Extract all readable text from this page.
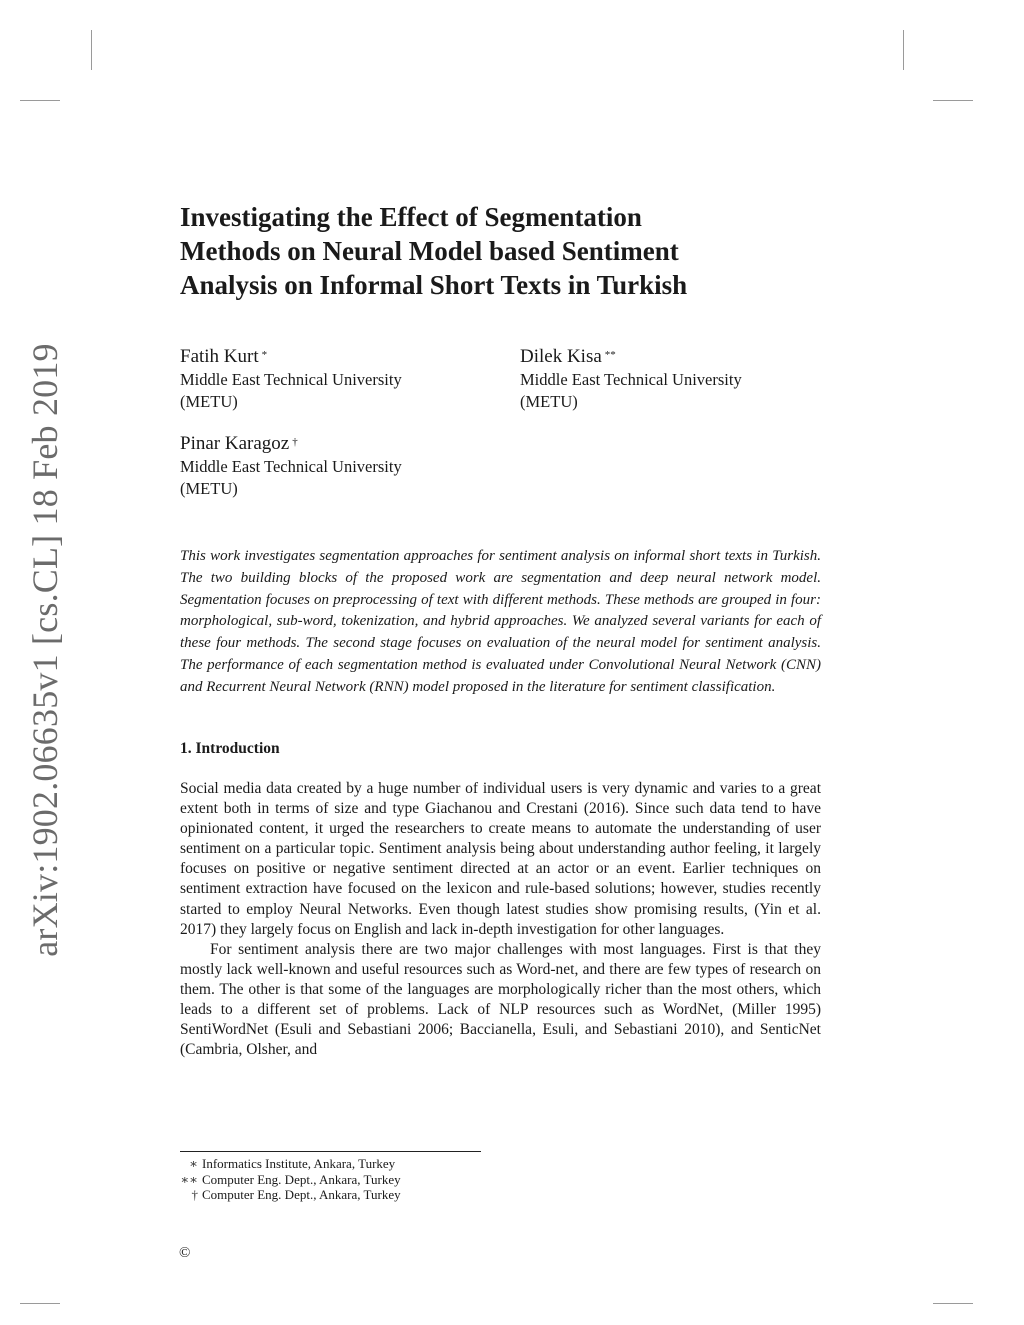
arXiv:1902.06635v1 [cs.CL] 18 Feb 2019
Investigating the Effect of Segmentation
Methods on Neural Model based Sentiment
Analysis on Informal Short Texts in Turkish
Fatih Kurt *
Middle East Technical University
(METU)
Dilek Kisa **
Middle East Technical University
(METU)
Pinar Karagoz †
Middle East Technical University
(METU)

This work investigates segmentation approaches for sentiment analysis on informal short texts in Turkish. The two building blocks of the proposed work are segmentation and deep neural network model. Segmentation focuses on preprocessing of text with different methods. These methods are grouped in four: morphological, sub-word, tokenization, and hybrid approaches. We analyzed several variants for each of these four methods. The second stage focuses on evaluation of the neural model for sentiment analysis. The performance of each segmentation method is evaluated under Convolutional Neural Network (CNN) and Recurrent Neural Network (RNN) model proposed in the literature for sentiment classification.

1. Introduction

Social media data created by a huge number of individual users is very dynamic and varies to a great extent both in terms of size and type Giachanou and Crestani (2016). Since such data tend to have opinionated content, it urged the researchers to create means to automate the understanding of user sentiment on a particular topic. Sentiment analysis being about understanding author feeling, it largely focuses on positive or negative sentiment directed at an actor or an event. Earlier techniques on sentiment extraction have focused on the lexicon and rule-based solutions; however, studies recently started to employ Neural Networks. Even though latest studies show promising results, (Yin et al. 2017) they largely focus on English and lack in-depth investigation for other languages.

For sentiment analysis there are two major challenges with most languages. First is that they mostly lack well-known and useful resources such as Word-net, and there are few types of research on them. The other is that some of the languages are morphologically richer than the most others, which leads to a different set of problems. Lack of NLP resources such as WordNet, (Miller 1995) SentiWordNet (Esuli and Sebastiani 2006; Baccianella, Esuli, and Sebastiani 2010), and SenticNet (Cambria, Olsher, and

∗ Informatics Institute, Ankara, Turkey
∗∗ Computer Eng. Dept., Ankara, Turkey
† Computer Eng. Dept., Ankara, Turkey
©
